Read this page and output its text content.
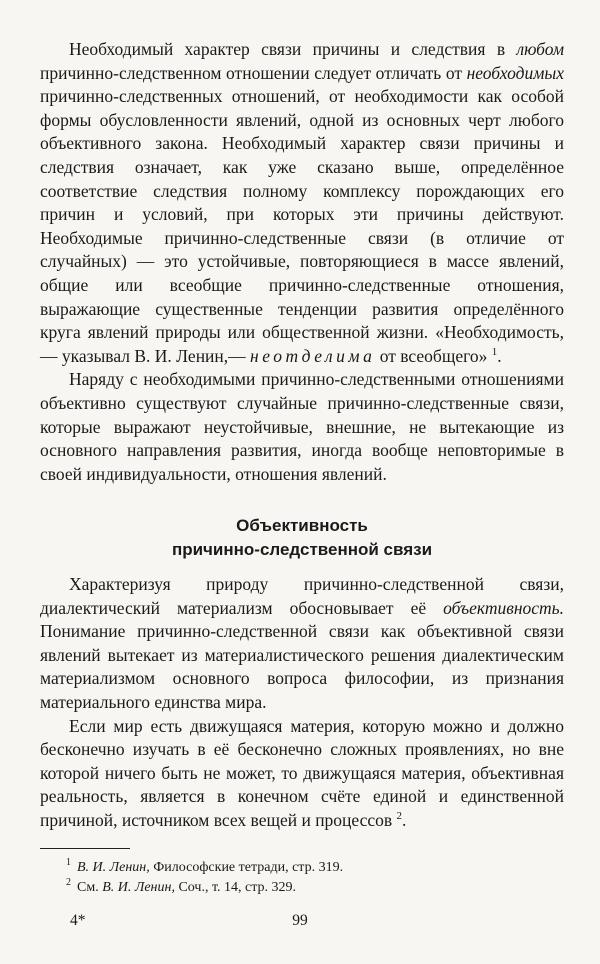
Необходимый характер связи причины и следствия в любом причинно-следственном отношении следует отличать от необходимых причинно-следственных отношений, от необходимости как особой формы обусловленности явлений, одной из основных черт любого объективного закона. Необходимый характер связи причины и следствия означает, как уже сказано выше, определённое соответствие следствия полному комплексу порождающих его причин и условий, при которых эти причины действуют. Необходимые причинно-следственные связи (в отличие от случайных) — это устойчивые, повторяющиеся в массе явлений, общие или всеобщие причинно-следственные отношения, выражающие существенные тенденции развития определённого круга явлений природы или общественной жизни. «Необходимость,— указывал В. И. Ленин,— неотделима от всеобщего» $^1$.

Наряду с необходимыми причинно-следственными отношениями объективно существуют случайные причинно-следственные связи, которые выражают неустойчивые, внешние, не вытекающие из основного направления развития, иногда вообще неповторимые в своей индивидуальности, отношения явлений.

Объективность
причинно-следственной связи

Характеризуя природу причинно-следственной связи, диалектический материализм обосновывает её объективность. Понимание причинно-следственной связи как объективной связи явлений вытекает из материалистического решения диалектическим материализмом основного вопроса философии, из признания материального единства мира.

Если мир есть движущаяся материя, которую можно и должно бесконечно изучать в её бесконечно сложных проявлениях, но вне которой ничего быть не может, то движущаяся материя, объективная реальность, является в конечном счёте единой и единственной причиной, источником всех вещей и процессов $^2$.

$^1$ В. И. Ленин, Философские тетради, стр. 319.

$^2$ См. В. И. Ленин, Соч., т. 14, стр. 329.

4*	99
